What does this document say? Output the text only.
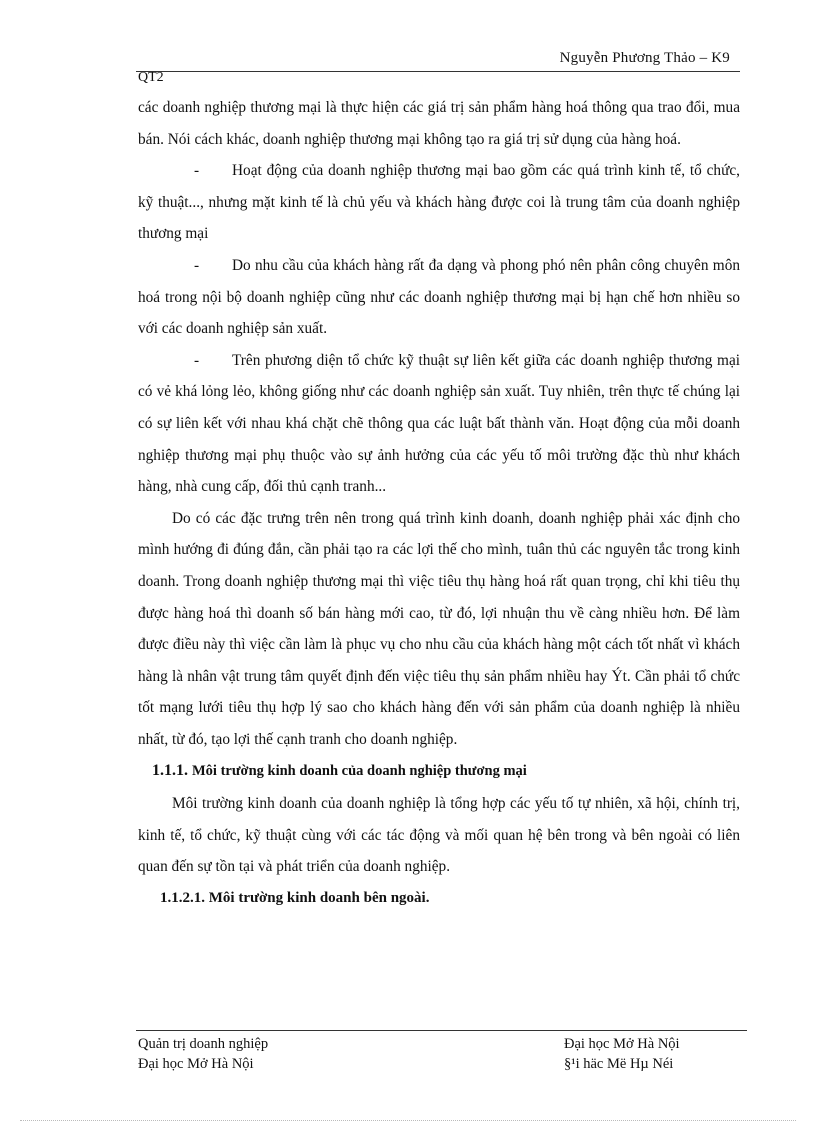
Nguyễn Phương Thảo – K9
QT2

các doanh nghiệp thương mại là thực hiện các giá trị sản phẩm hàng hoá thông qua trao đổi, mua bán. Nói cách khác, doanh nghiệp thương mại không tạo ra giá trị sử dụng của hàng hoá.

- Hoạt động của doanh nghiệp thương mại bao gồm các quá trình kinh tế, tổ chức, kỹ thuật..., nhưng mặt kinh tế là chủ yếu và khách hàng được coi là trung tâm của doanh nghiệp thương mại

- Do nhu cầu của khách hàng rất đa dạng và phong phó nên phân công chuyên môn hoá trong nội bộ doanh nghiệp cũng như các doanh nghiệp thương mại bị hạn chế hơn nhiều so với các doanh nghiệp sản xuất.

- Trên phương diện tổ chức kỹ thuật sự liên kết giữa các doanh nghiệp thương mại có vẻ khá lỏng lẻo, không giống như các doanh nghiệp sản xuất. Tuy nhiên, trên thực tế chúng lại có sự liên kết với nhau khá chặt chẽ thông qua các luật bất thành văn. Hoạt động của mỗi doanh nghiệp thương mại phụ thuộc vào sự ảnh hưởng của các yếu tố môi trường đặc thù như khách hàng, nhà cung cấp, đối thủ cạnh tranh...

Do có các đặc trưng trên nên trong quá trình kinh doanh, doanh nghiệp phải xác định cho mình hướng đi đúng đắn, cần phải tạo ra các lợi thế cho mình, tuân thủ các nguyên tắc trong kinh doanh. Trong doanh nghiệp thương mại thì việc tiêu thụ hàng hoá rất quan trọng, chỉ khi tiêu thụ được hàng hoá thì doanh số bán hàng mới cao, từ đó, lợi nhuận thu về càng nhiều hơn. Để làm được điều này thì việc cần làm là phục vụ cho nhu cầu của khách hàng một cách tốt nhất vì khách hàng là nhân vật trung tâm quyết định đến việc tiêu thụ sản phẩm nhiều hay Ýt. Cần phải tổ chức tốt mạng lưới tiêu thụ hợp lý sao cho khách hàng đến với sản phẩm của doanh nghiệp là nhiều nhất, từ đó, tạo lợi thế cạnh tranh cho doanh nghiệp.

1.1.1. Môi trường kinh doanh của doanh nghiệp thương mại

Môi trường kinh doanh của doanh nghiệp là tổng hợp các yếu tố tự nhiên, xã hội, chính trị, kinh tế, tổ chức, kỹ thuật cùng với các tác động và mối quan hệ bên trong và bên ngoài có liên quan đến sự tồn tại và phát triển của doanh nghiệp.

1.1.2.1. Môi trường kinh doanh bên ngoài.

Quản trị doanh nghiệp
Đại học Mở Hà Nội
Đại học Mở Hà Nội
§¹i häc Më Hµ Néi
